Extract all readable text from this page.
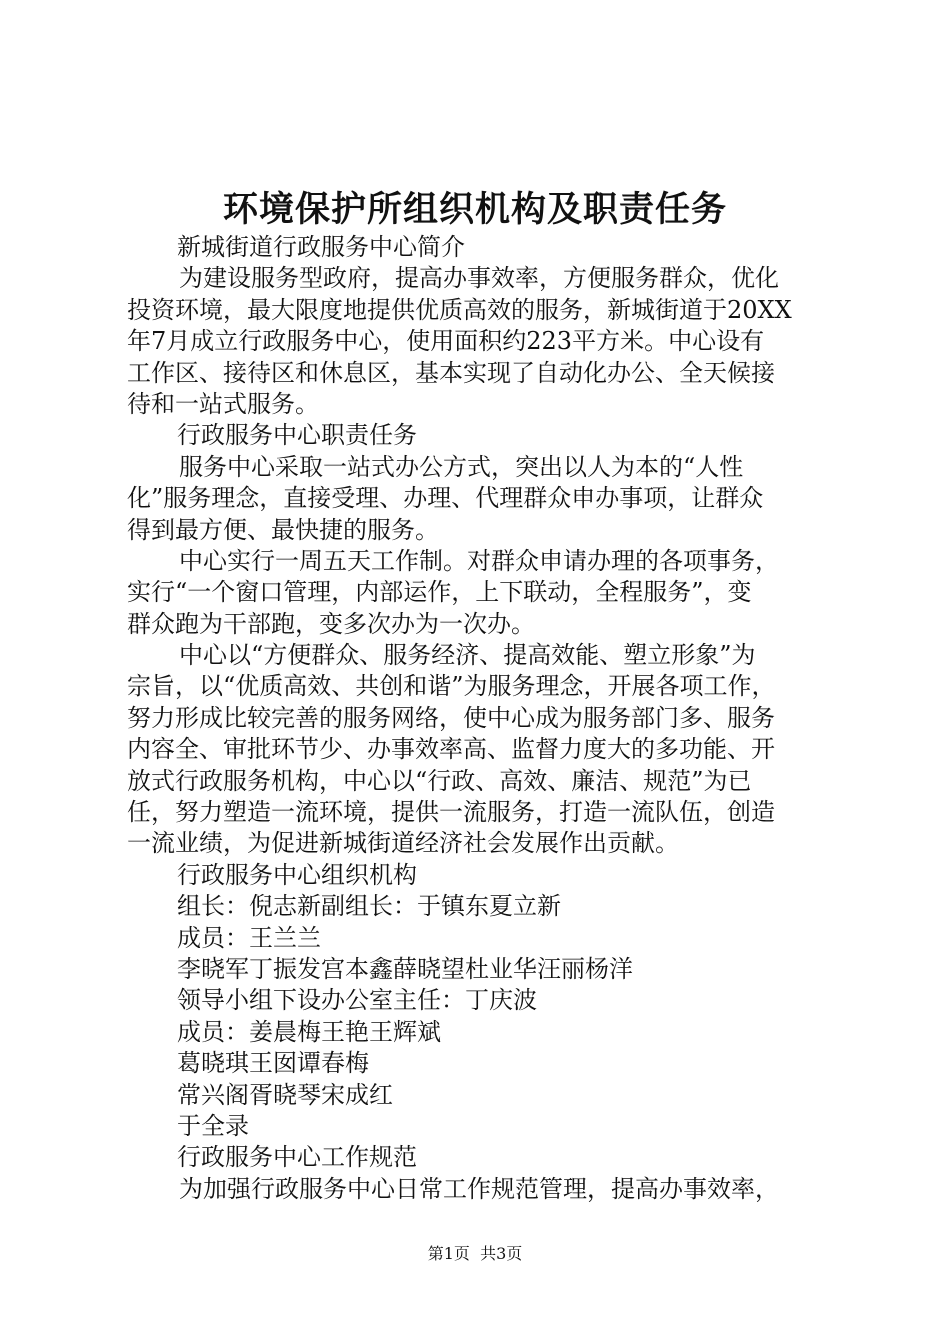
环境保护所组织机构及职责任务
新城街道行政服务中心简介
为建设服务型政府，提高办事效率，方便服务群众，优化
投资环境，最大限度地提供优质高效的服务，新城街道于20XX
年7月成立行政服务中心，使用面积约223平方米。中心设有
工作区、接待区和休息区，基本实现了自动化办公、全天候接
待和一站式服务。
行政服务中心职责任务
服务中心采取一站式办公方式，突出以人为本的“人性
化”服务理念，直接受理、办理、代理群众申办事项，让群众
得到最方便、最快捷的服务。
中心实行一周五天工作制。对群众申请办理的各项事务，
实行“一个窗口管理，内部运作，上下联动，全程服务”，变
群众跑为干部跑，变多次办为一次办。
中心以“方便群众、服务经济、提高效能、塑立形象”为
宗旨，以“优质高效、共创和谐”为服务理念，开展各项工作，
努力形成比较完善的服务网络，使中心成为服务部门多、服务
内容全、审批环节少、办事效率高、监督力度大的多功能、开
放式行政服务机构，中心以“行政、高效、廉洁、规范”为已
任，努力塑造一流环境，提供一流服务，打造一流队伍，创造
一流业绩，为促进新城街道经济社会发展作出贡献。
行政服务中心组织机构
组长：倪志新副组长：于镇东夏立新
成员：王兰兰
李晓军丁振发宫本鑫薛晓望杜业华汪丽杨洋
领导小组下设办公室主任：丁庆波
成员：姜晨梅王艳王辉斌
葛晓琪王囡谭春梅
常兴阁胥晓琴宋成红
于全录
行政服务中心工作规范
为加强行政服务中心日常工作规范管理，提高办事效率，
第1页  共3页
